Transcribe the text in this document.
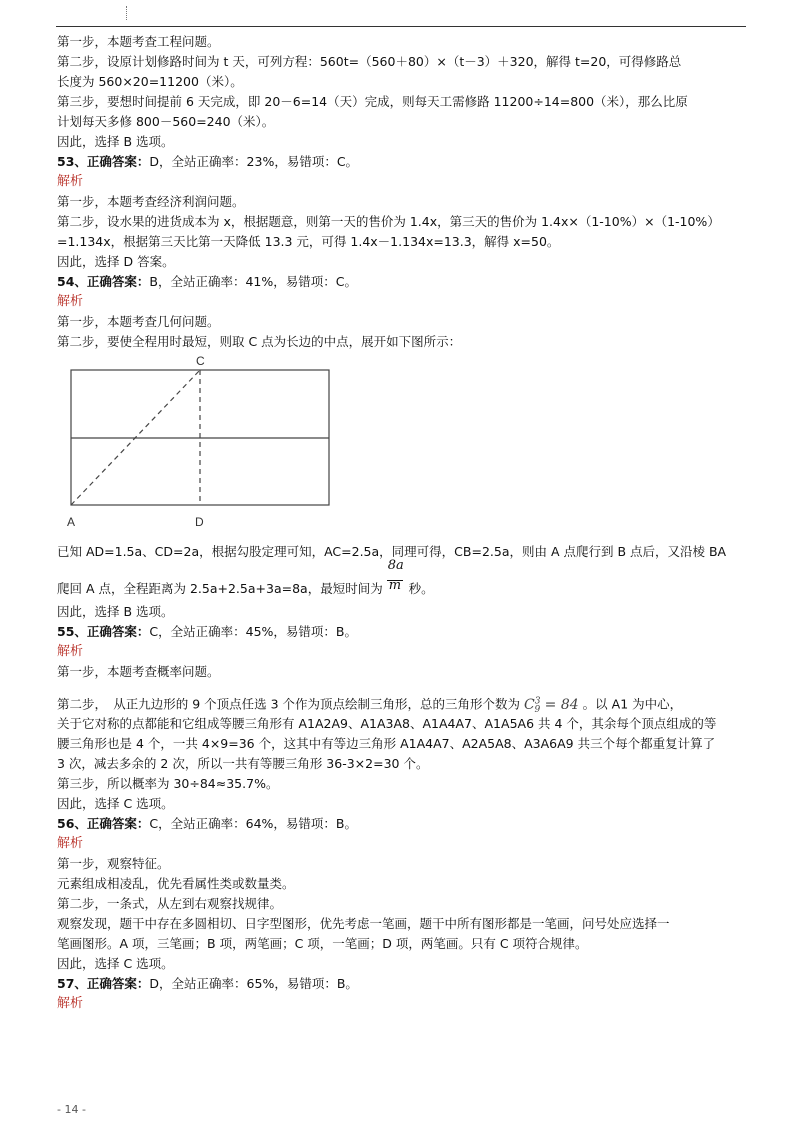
第一步，本题考查工程问题。
第二步，设原计划修路时间为 t 天，可列方程：560t=（560＋80）×（t－3）＋320，解得 t=20，可得修路总
长度为 560×20=11200（米）。
第三步，要想时间提前 6 天完成，即 20－6=14（天）完成，则每天工需修路 11200÷14=800（米），那么比原
计划每天多修 800－560=240（米）。
因此，选择 B 选项。
53、正确答案：D，全站正确率：23%，易错项：C。
解析
第一步，本题考查经济利润问题。
第二步，设水果的进货成本为 x，根据题意，则第一天的售价为 1.4x，第三天的售价为 1.4x×（1-10%）×（1-10%）
=1.134x，根据第三天比第一天降低 13.3 元，可得 1.4x－1.134x=13.3，解得 x=50。
因此，选择 D 答案。
54、正确答案：B，全站正确率：41%，易错项：C。
解析
第一步，本题考查几何问题。
第二步，要使全程用时最短，则取 C 点为长边的中点，展开如下图所示：
C
A	D
已知 AD=1.5a、CD=2a，根据勾股定理可知，AC=2.5a，同理可得，CB=2.5a，则由 A 点爬行到 B 点后，又沿棱 BA
爬回 A 点，全程距离为 2.5a+2.5a+3a=8a，最短时间为 $\frac{8a}{m}$ 秒。
因此，选择 B 选项。
55、正确答案：C，全站正确率：45%，易错项：B。
解析
第一步，本题考查概率问题。
第二步，　从正九边形的 9 个顶点任选 3 个作为顶点绘制三角形，总的三角形个数为 $C^3_9 = 84$ 。以 A1 为中心，
关于它对称的点都能和它组成等腰三角形有 A1A2A9、A1A3A8、A1A4A7、A1A5A6 共 4 个，其余每个顶点组成的等
腰三角形也是 4 个，一共 4×9=36 个，这其中有等边三角形 A1A4A7、A2A5A8、A3A6A9 共三个每个都重复计算了
3 次，减去多余的 2 次，所以一共有等腰三角形 36-3×2=30 个。
第三步，所以概率为 30÷84≈35.7%。
因此，选择 C 选项。
56、正确答案：C，全站正确率：64%，易错项：B。
解析
第一步，观察特征。
元素组成相凌乱，优先看属性类或数量类。
第二步，一条式，从左到右观察找规律。
观察发现，题干中存在多圆相切、日字型图形，优先考虑一笔画，题干中所有图形都是一笔画，问号处应选择一
笔画图形。A 项，三笔画；B 项，两笔画；C 项，一笔画；D 项，两笔画。只有 C 项符合规律。
因此，选择 C 选项。
57、正确答案：D，全站正确率：65%，易错项：B。
解析
- 14 -
